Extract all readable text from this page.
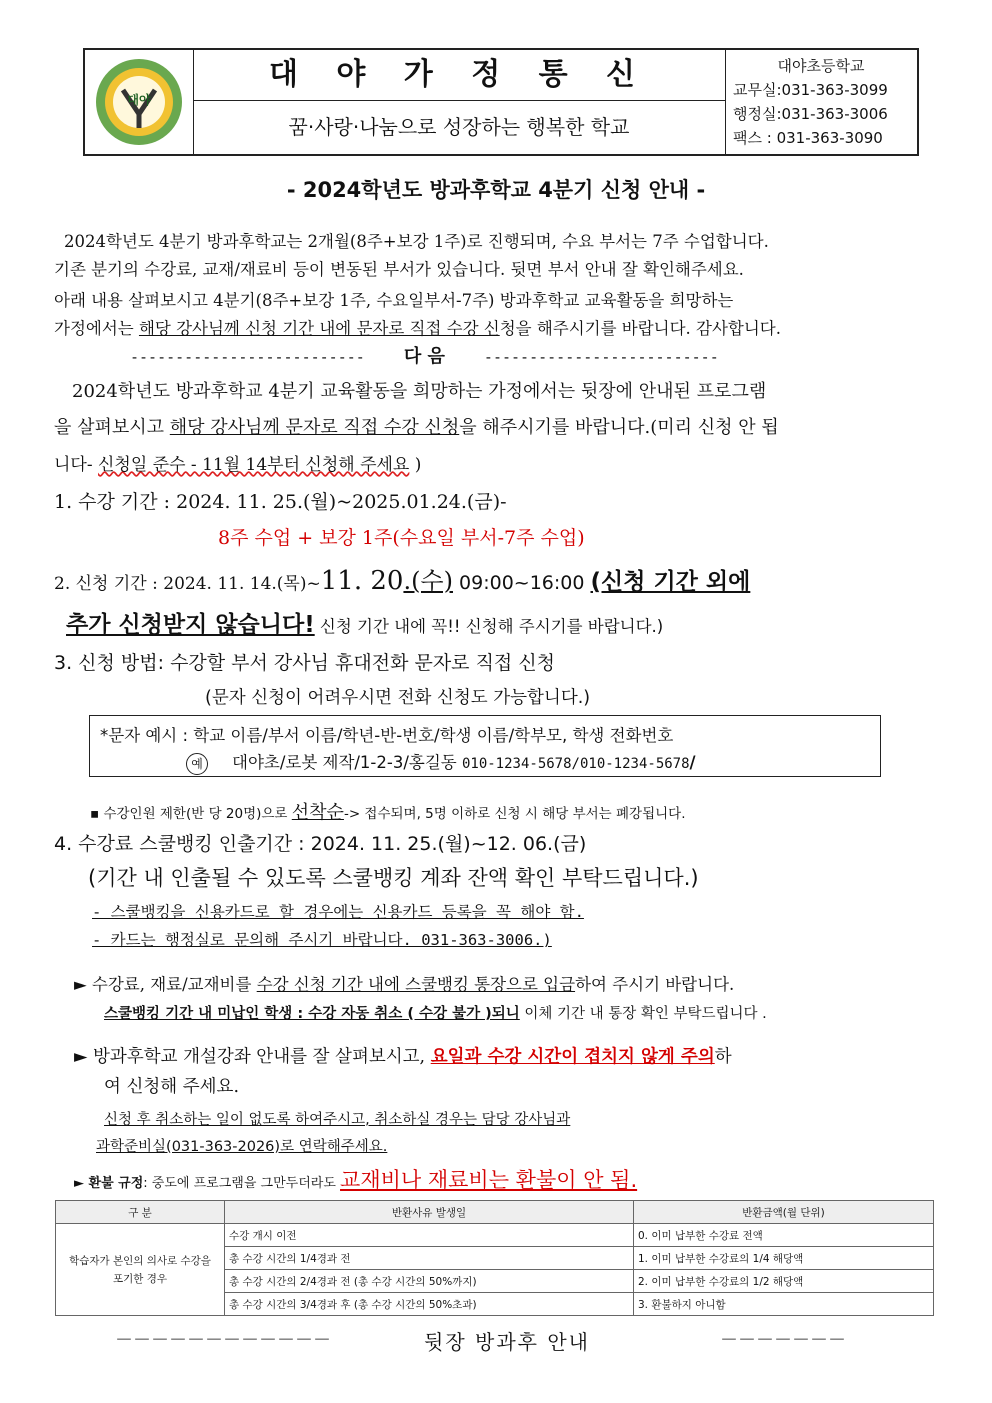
대야
대 야 가 정 통 신
꿈·사랑·나눔으로 성장하는 행복한 학교
대야초등학교
교무실:031-363-3099
행정실:031-363-3006
팩스 : 031-363-3090
- 2024학년도 방과후학교 4분기 신청 안내 -
2024학년도 4분기 방과후학교는 2개월(8주+보강 1주)로 진행되며, 수요 부서는 7주 수업합니다.
기존 분기의 수강료, 교재/재료비 등이 변동된 부서가 있습니다. 뒷면 부서 안내 잘 확인해주세요.
아래 내용 살펴보시고 4분기(8주+보강 1주, 수요일부서-7주) 방과후학교 교육활동을 희망하는
가정에서는 해당 강사님께 신청 기간 내에 문자로 직접 수강 신청을 해주시기를 바랍니다. 감사합니다.
-------------------------- 다 음	--------------------------
2024학년도 방과후학교 4분기 교육활동을 희망하는 가정에서는 뒷장에 안내된 프로그램
을 살펴보시고 해당 강사님께 문자로 직접 수강 신청을 해주시기를 바랍니다.(미리 신청 안 됩
니다- 신청일 준수 - 11월 14부터 신청해 주세요 )
1. 수강 기간 : 2024. 11. 25.(월)~2025.01.24.(금)-
8주 수업 + 보강 1주(수요일 부서-7주 수업)
2. 신청 기간 : 2024. 11. 14.(목)~11. 20.(수) 09:00~16:00 (신청 기간 외에
추가 신청받지 않습니다! 신청 기간 내에 꼭!! 신청해 주시기를 바랍니다.)
3. 신청 방법: 수강할 부서 강사님 휴대전화 문자로 직접 신청
(문자 신청이 어려우시면 전화 신청도 가능합니다.)
*문자 예시 : 학교 이름/부서 이름/학년-반-번호/학생 이름/학부모, 학생 전화번호
예 대야초/로봇 제작/1-2-3/홍길동 010-1234-5678/010-1234-5678/
▪ 수강인원 제한(반 당 20명)으로 선착순-> 접수되며, 5명 이하로 신청 시 해당 부서는 폐강됩니다.
4. 수강료 스쿨뱅킹 인출기간 : 2024. 11. 25.(월)~12. 06.(금)
(기간 내 인출될 수 있도록 스쿨뱅킹 계좌 잔액 확인 부탁드립니다.)
- 스쿨뱅킹을 신용카드로 할 경우에는 신용카드 등록을 꼭 해야 함.
- 카드는 행정실로 문의해 주시기 바랍니다. 031-363-3006.)
► 수강료, 재료/교재비를 수강 신청 기간 내에 스쿨뱅킹 통장으로 입금하여 주시기 바랍니다.
스쿨뱅킹 기간 내 미납인 학생 : 수강 자동 취소 ( 수강 불가 )되니 이체 기간 내 통장 확인 부탁드립니다 .
► 방과후학교 개설강좌 안내를 잘 살펴보시고, 요일과 수강 시간이 겹치지 않게 주의하
여 신청해 주세요.
신청 후 취소하는 일이 없도록 하여주시고, 취소하실 경우는 담당 강사님과
과학준비실(031-363-2026)로 연락해주세요.
► 환불 규정: 중도에 프로그램을 그만두더라도 교재비나 재료비는 환불이 안 됨.
구 분	반환사유 발생일	반환금액(월 단위)
학습자가 본인의 의사로 수강을 포기한 경우	수강 개시 이전	0. 이미 납부한 수강료 전액
	총 수강 시간의 1/4경과 전	1. 이미 납부한 수강료의 1/4 해당액
	총 수강 시간의 2/4경과 전 (총 수강 시간의 50%까지)	2. 이미 납부한 수강료의 1/2 해당액
	총 수강 시간의 3/4경과 후 (총 수강 시간의 50%초과)	3. 환불하지 아니함
－－－－－－－－－－－－	뒷장 방과후 안내	－－－－－－－
